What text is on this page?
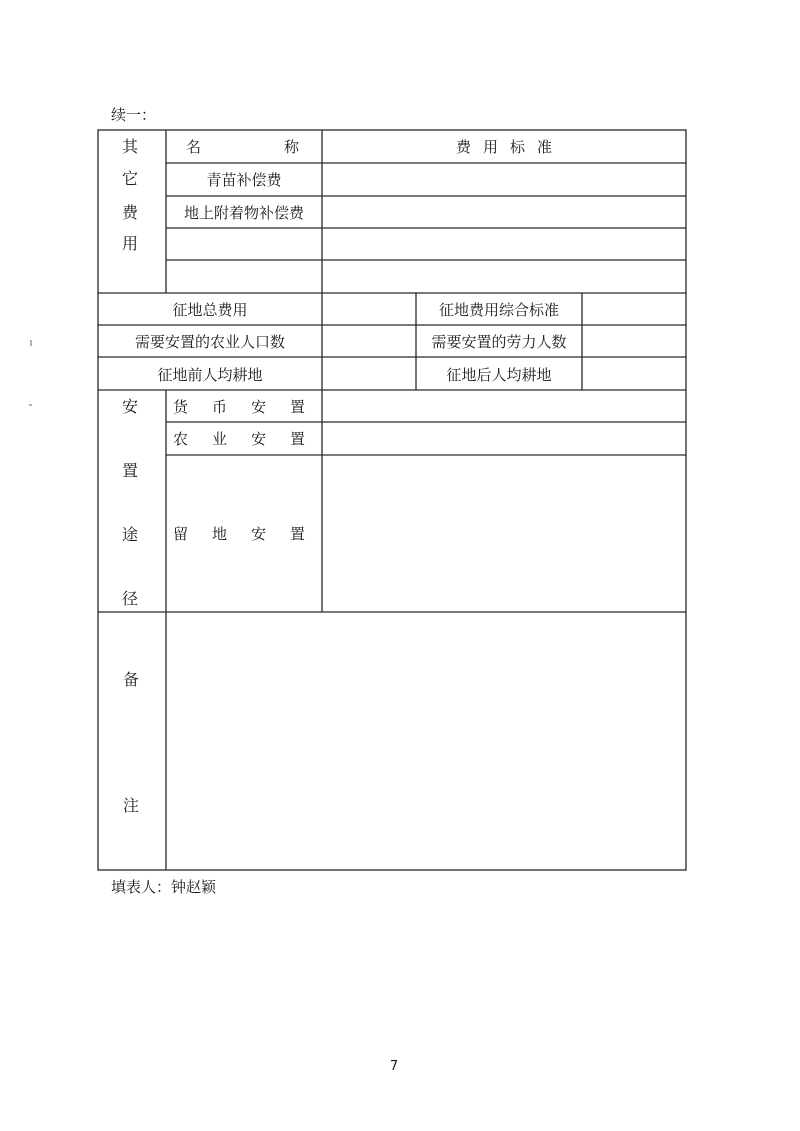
续一：
其
它
费
用
名	称	费用标准
青苗补偿费
地上附着物补偿费
征地总费用	征地费用综合标准
需要安置的农业人口数	需要安置的劳力人数
征地前人均耕地	征地后人均耕地
安
置
途
径
货币安置
农业安置
留地安置
备
注
填表人：钟赵颖
7
